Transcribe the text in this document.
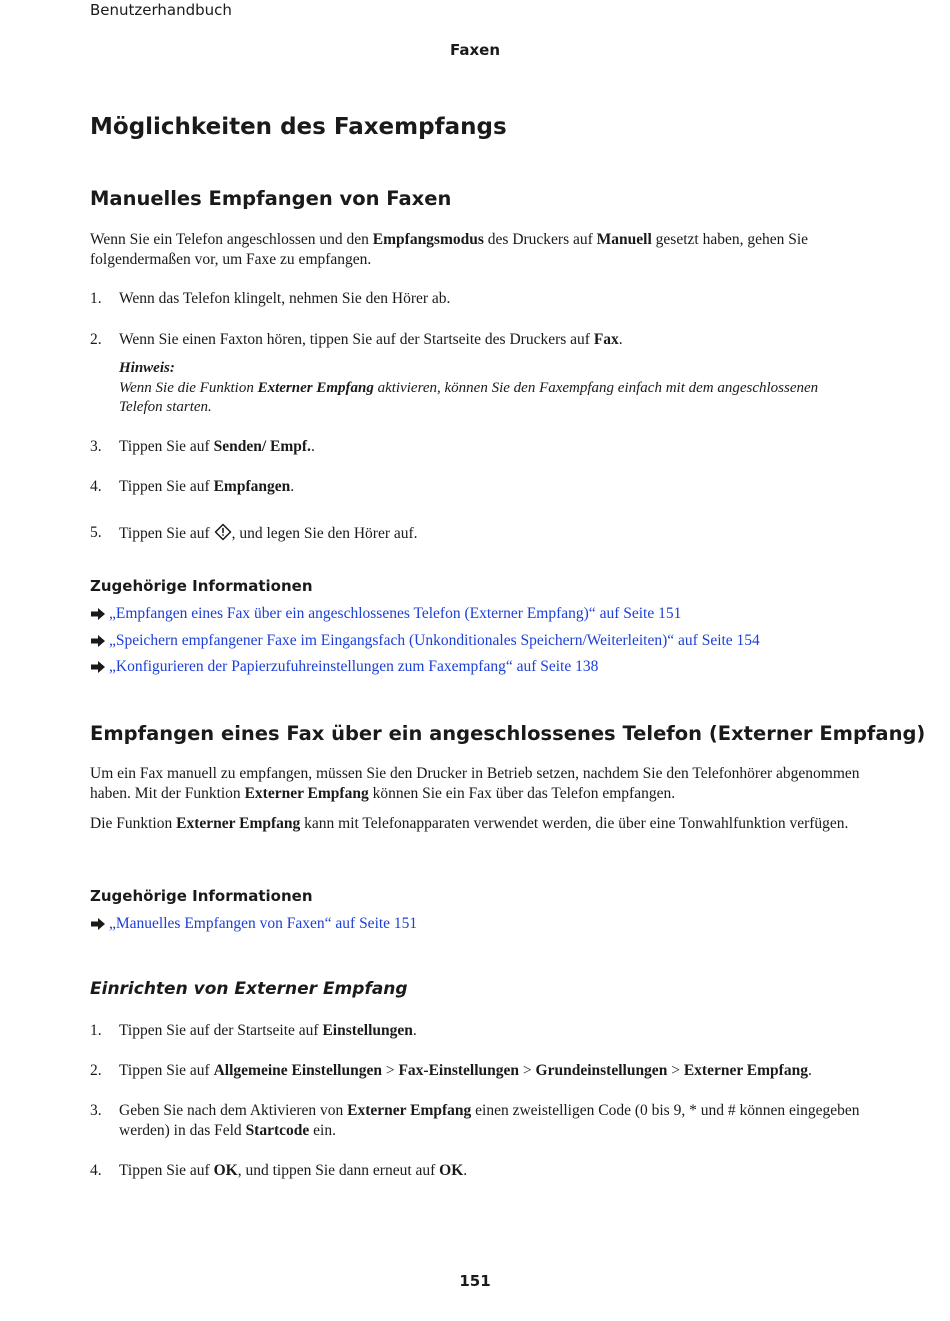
Benutzerhandbuch
Faxen
Möglichkeiten des Faxempfangs
Manuelles Empfangen von Faxen
Wenn Sie ein Telefon angeschlossen und den Empfangsmodus des Druckers auf Manuell gesetzt haben, gehen Sie folgendermaßen vor, um Faxe zu empfangen.
1. Wenn das Telefon klingelt, nehmen Sie den Hörer ab.
2. Wenn Sie einen Faxton hören, tippen Sie auf der Startseite des Druckers auf Fax.
Hinweis:
Wenn Sie die Funktion Externer Empfang aktivieren, können Sie den Faxempfang einfach mit dem angeschlossenen Telefon starten.
3. Tippen Sie auf Senden/ Empf..
4. Tippen Sie auf Empfangen.
5. Tippen Sie auf , und legen Sie den Hörer auf.
Zugehörige Informationen
„Empfangen eines Fax über ein angeschlossenes Telefon (Externer Empfang)“ auf Seite 151
„Speichern empfangener Faxe im Eingangsfach (Unkonditionales Speichern/Weiterleiten)“ auf Seite 154
„Konfigurieren der Papierzufuhreinstellungen zum Faxempfang“ auf Seite 138
Empfangen eines Fax über ein angeschlossenes Telefon (Externer Empfang)
Um ein Fax manuell zu empfangen, müssen Sie den Drucker in Betrieb setzen, nachdem Sie den Telefonhörer abgenommen haben. Mit der Funktion Externer Empfang können Sie ein Fax über das Telefon empfangen.
Die Funktion Externer Empfang kann mit Telefonapparaten verwendet werden, die über eine Tonwahlfunktion verfügen.
Zugehörige Informationen
„Manuelles Empfangen von Faxen“ auf Seite 151
Einrichten von Externer Empfang
1. Tippen Sie auf der Startseite auf Einstellungen.
2. Tippen Sie auf Allgemeine Einstellungen > Fax-Einstellungen > Grundeinstellungen > Externer Empfang.
3. Geben Sie nach dem Aktivieren von Externer Empfang einen zweistelligen Code (0 bis 9, * und # können eingegeben werden) in das Feld Startcode ein.
4. Tippen Sie auf OK, und tippen Sie dann erneut auf OK.
151
